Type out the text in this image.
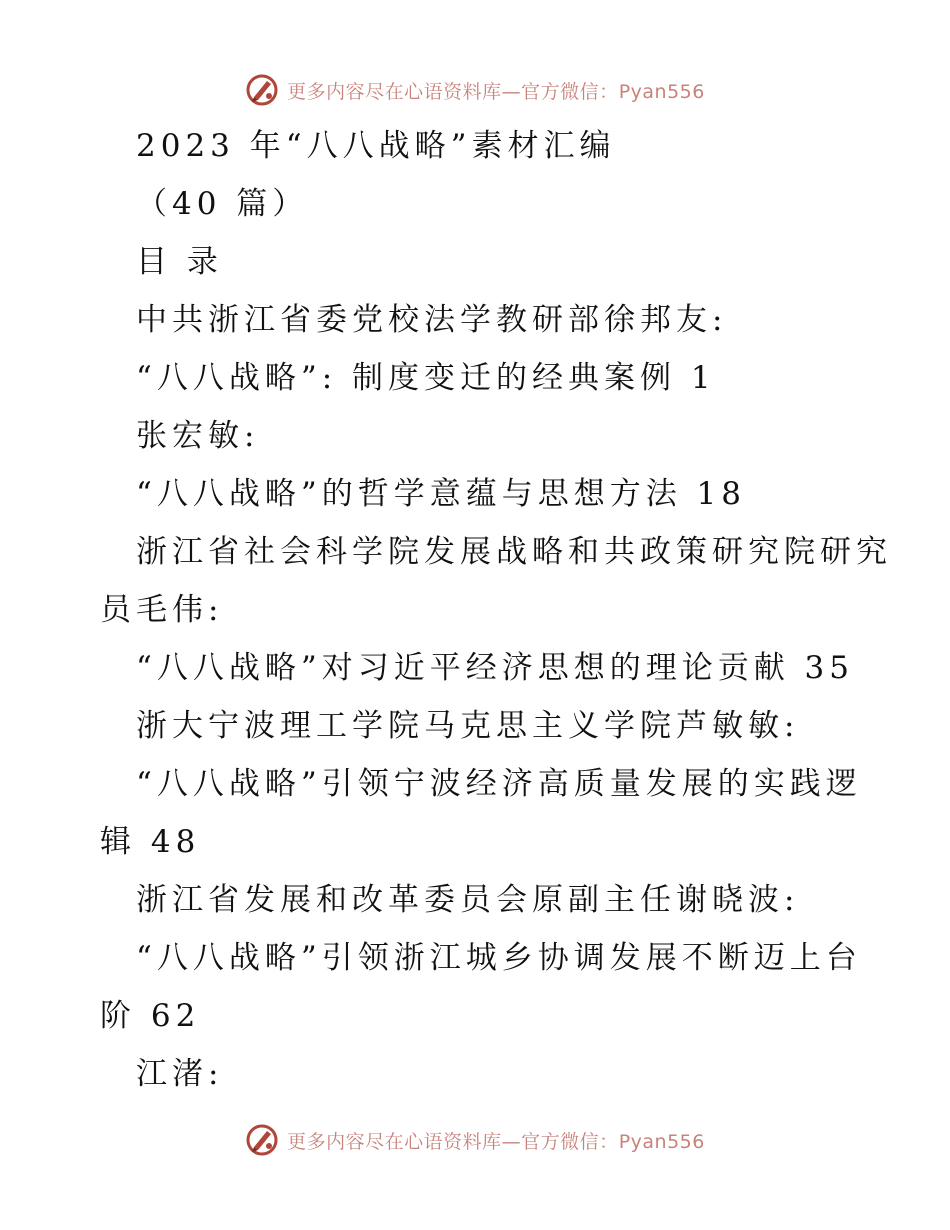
更多内容尽在心语资料库—官方微信：Pyan556
2023 年“八八战略”素材汇编
（40 篇）
目 录
中共浙江省委党校法学教研部徐邦友:
“八八战略”: 制度变迁的经典案例 1
张宏敏:
“八八战略”的哲学意蕴与思想方法 18
浙江省社会科学院发展战略和共政策研究院研究
员毛伟:
“八八战略”对习近平经济思想的理论贡献 35
浙大宁波理工学院马克思主义学院芦敏敏:
“八八战略”引领宁波经济高质量发展的实践逻
辑 48
浙江省发展和改革委员会原副主任谢晓波:
“八八战略”引领浙江城乡协调发展不断迈上台
阶 62
江渚:
更多内容尽在心语资料库—官方微信：Pyan556
